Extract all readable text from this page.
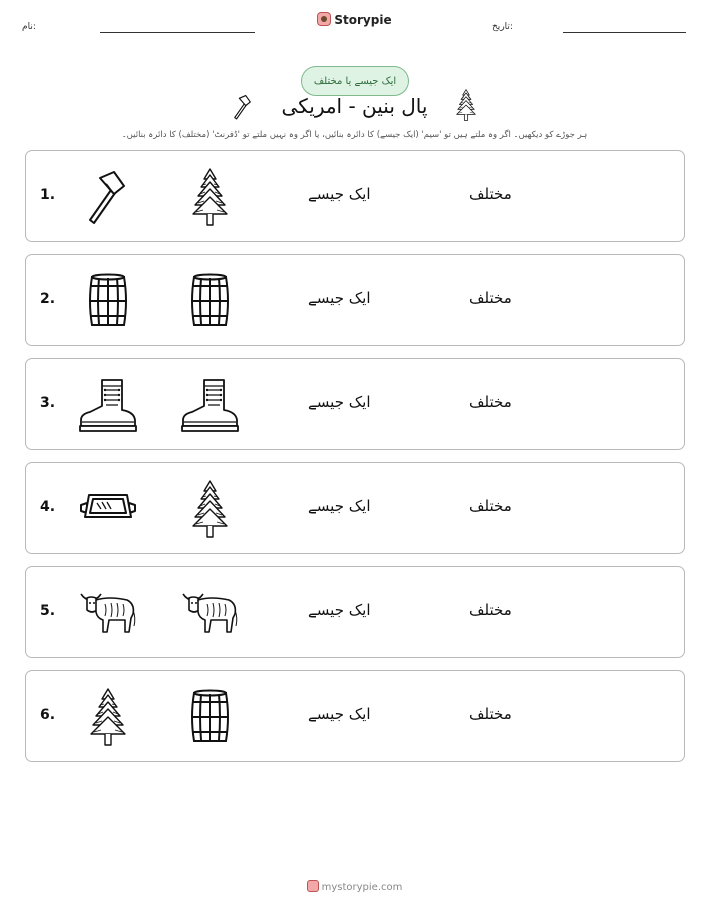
نام:	Storypie	تاریخ:
ایک جیسے یا مختلف
پال بنین - امریکی
ہر جوڑے کو دیکھیں۔ اگر وہ ملتے ہیں تو 'سیم' (ایک جیسے) کا دائرہ بنائیں، یا اگر وہ نہیں ملتے تو 'ڈفرنٹ' (مختلف) کا دائرہ بنائیں۔
1.	ایک جیسے	مختلف
2.	ایک جیسے	مختلف
3.	ایک جیسے	مختلف
4.	ایک جیسے	مختلف
5.	ایک جیسے	مختلف
6.	ایک جیسے	مختلف
mystorypie.com
